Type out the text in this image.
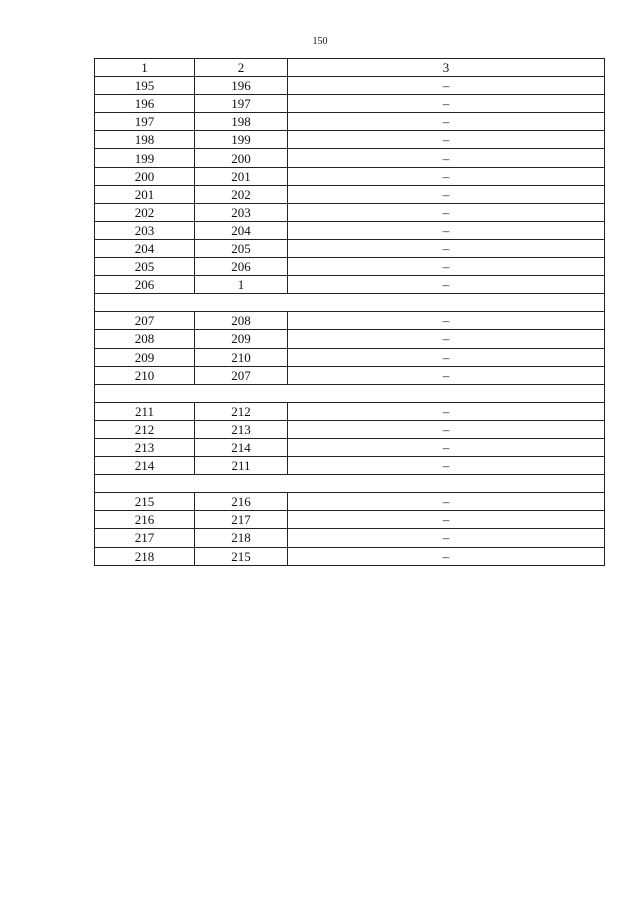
150
1	2	3
195	196	–
196	197	–
197	198	–
198	199	–
199	200	–
200	201	–
201	202	–
202	203	–
203	204	–
204	205	–
205	206	–
206	1	–

207	208	–
208	209	–
209	210	–
210	207	–

211	212	–
212	213	–
213	214	–
214	211	–

215	216	–
216	217	–
217	218	–
218	215	–
